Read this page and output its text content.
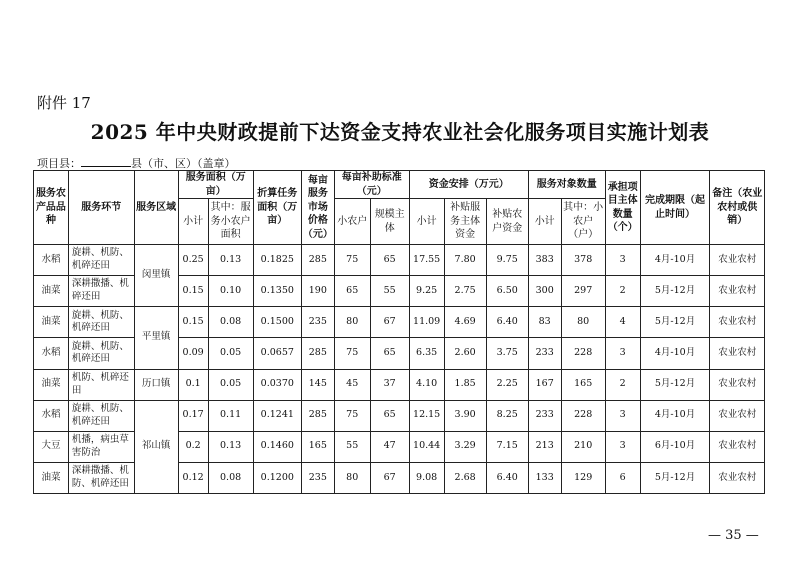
附件 17
2025 年中央财政提前下达资金支持农业社会化服务项目实施计划表
项目县：	县（市、区）（盖章）
服务农产品品种	服务环节	服务区域	服务面积（万亩）		折算任务面积（万亩）	每亩服务市场价格（元）	每亩补助标准（元）		资金安排（万元）			服务对象数量		承担项目主体数量（个）	完成期限（起止时间）	备注（农业农村或供销）
			小计	其中：服务小农户面积			小农户	规模主体	小计	补贴服务主体资金	补贴农户资金	小计	其中：小农户（户）			
水稻	旋耕、机防、机碎还田	闵里镇	0.25	0.13	0.1825	285	75	65	17.55	7.80	9.75	383	378	3	4月-10月	农业农村
油菜	深耕撒播、机碎还田		0.15	0.10	0.1350	190	65	55	9.25	2.75	6.50	300	297	2	5月-12月	农业农村
油菜	旋耕、机防、机碎还田	平里镇	0.15	0.08	0.1500	235	80	67	11.09	4.69	6.40	83	80	4	5月-12月	农业农村
水稻	旋耕、机防、机碎还田		0.09	0.05	0.0657	285	75	65	6.35	2.60	3.75	233	228	3	4月-10月	农业农村
油菜	机防、机碎还田	历口镇	0.1	0.05	0.0370	145	45	37	4.10	1.85	2.25	167	165	2	5月-12月	农业农村
水稻	旋耕、机防、机碎还田	祁山镇	0.17	0.11	0.1241	285	75	65	12.15	3.90	8.25	233	228	3	4月-10月	农业农村
大豆	机播，病虫草害防治		0.2	0.13	0.1460	165	55	47	10.44	3.29	7.15	213	210	3	6月-10月	农业农村
油菜	深耕撒播、机防、机碎还田		0.12	0.08	0.1200	235	80	67	9.08	2.68	6.40	133	129	6	5月-12月	农业农村
— 35 —
